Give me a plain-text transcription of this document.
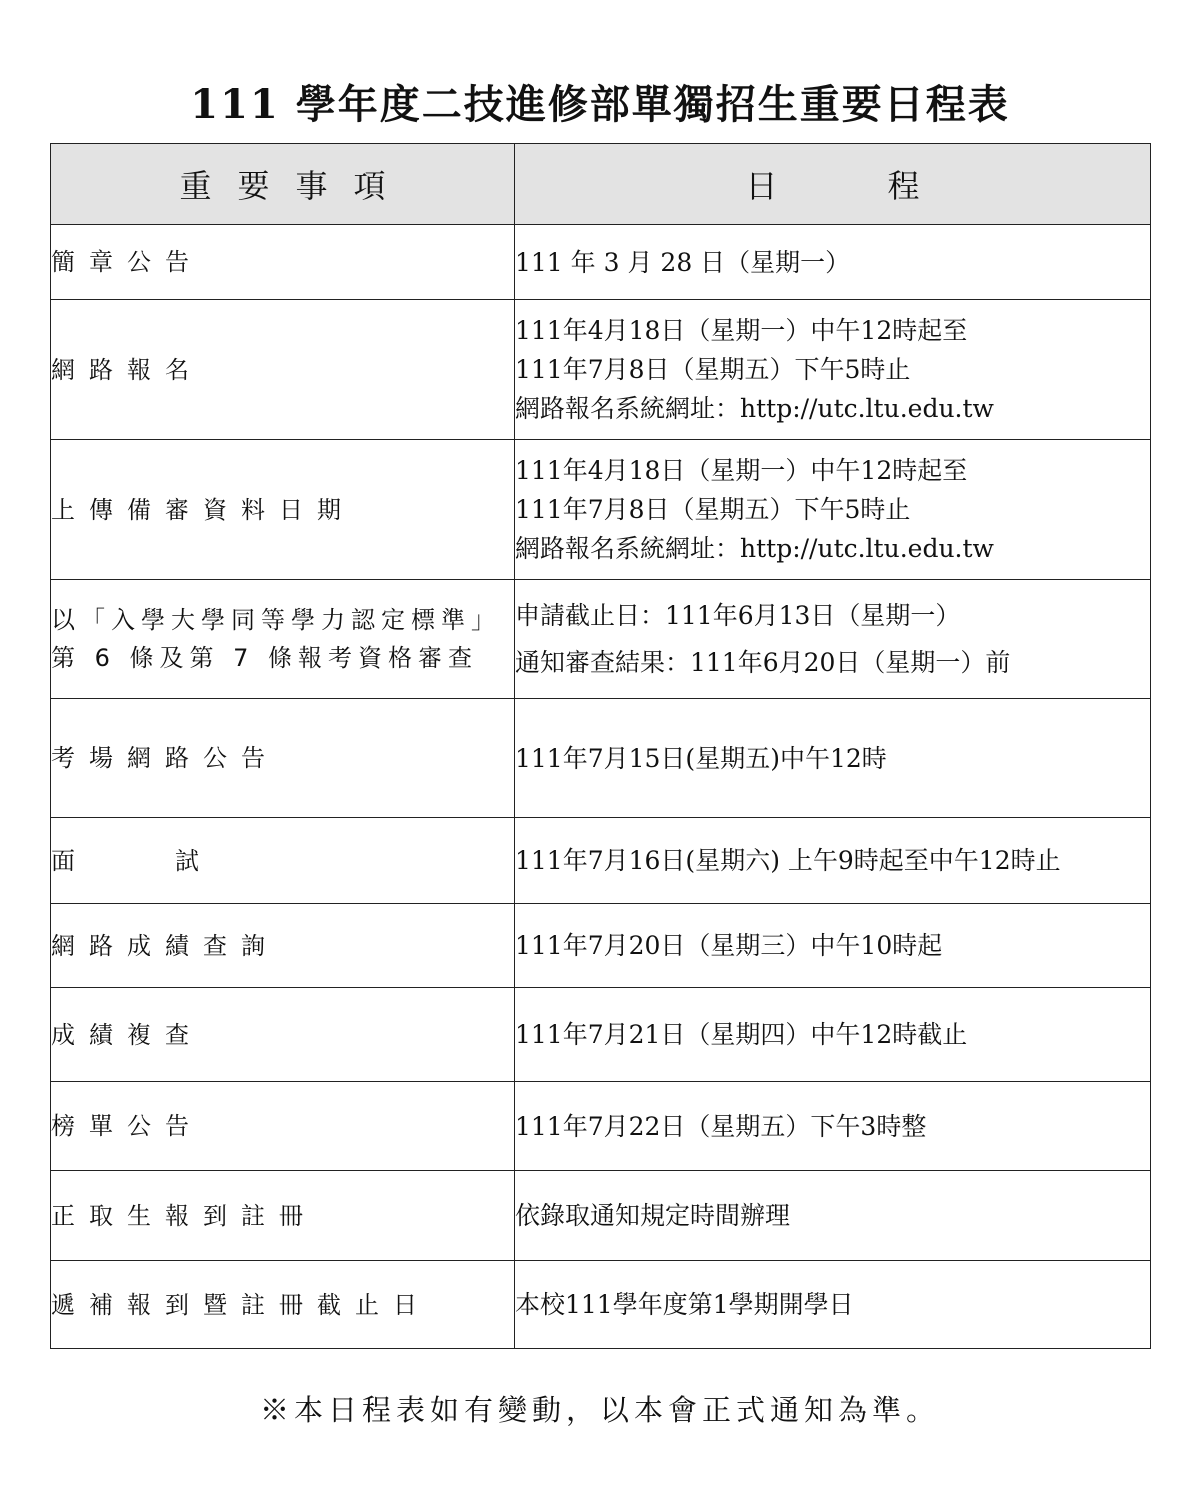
111 學年度二技進修部單獨招生重要日程表
重要事項	日 程
簡章公告	111 年 3 月 28 日（星期一）

網路報名	111年4月18日（星期一）中午12時起至
111年7月8日（星期五）下午5時止
網路報名系統網址：http://utc.ltu.edu.tw

上傳備審資料日期	111年4月18日（星期一）中午12時起至
111年7月8日（星期五）下午5時止
網路報名系統網址：http://utc.ltu.edu.tw

以「入學大學同等學力認定標準」
第 6 條及第 7 條報考資格審查	申請截止日：111年6月13日（星期一）
通知審查結果：111年6月20日（星期一）前

考場網路公告	111年7月15日(星期五)中午12時

面 試	111年7月16日(星期六) 上午9時起至中午12時止

網路成績查詢	111年7月20日（星期三）中午10時起

成績複查	111年7月21日（星期四）中午12時截止

榜單公告	111年7月22日（星期五）下午3時整

正取生報到註冊	依錄取通知規定時間辦理

遞補報到暨註冊截止日	本校111學年度第1學期開學日

※本日程表如有變動，以本會正式通知為準。
